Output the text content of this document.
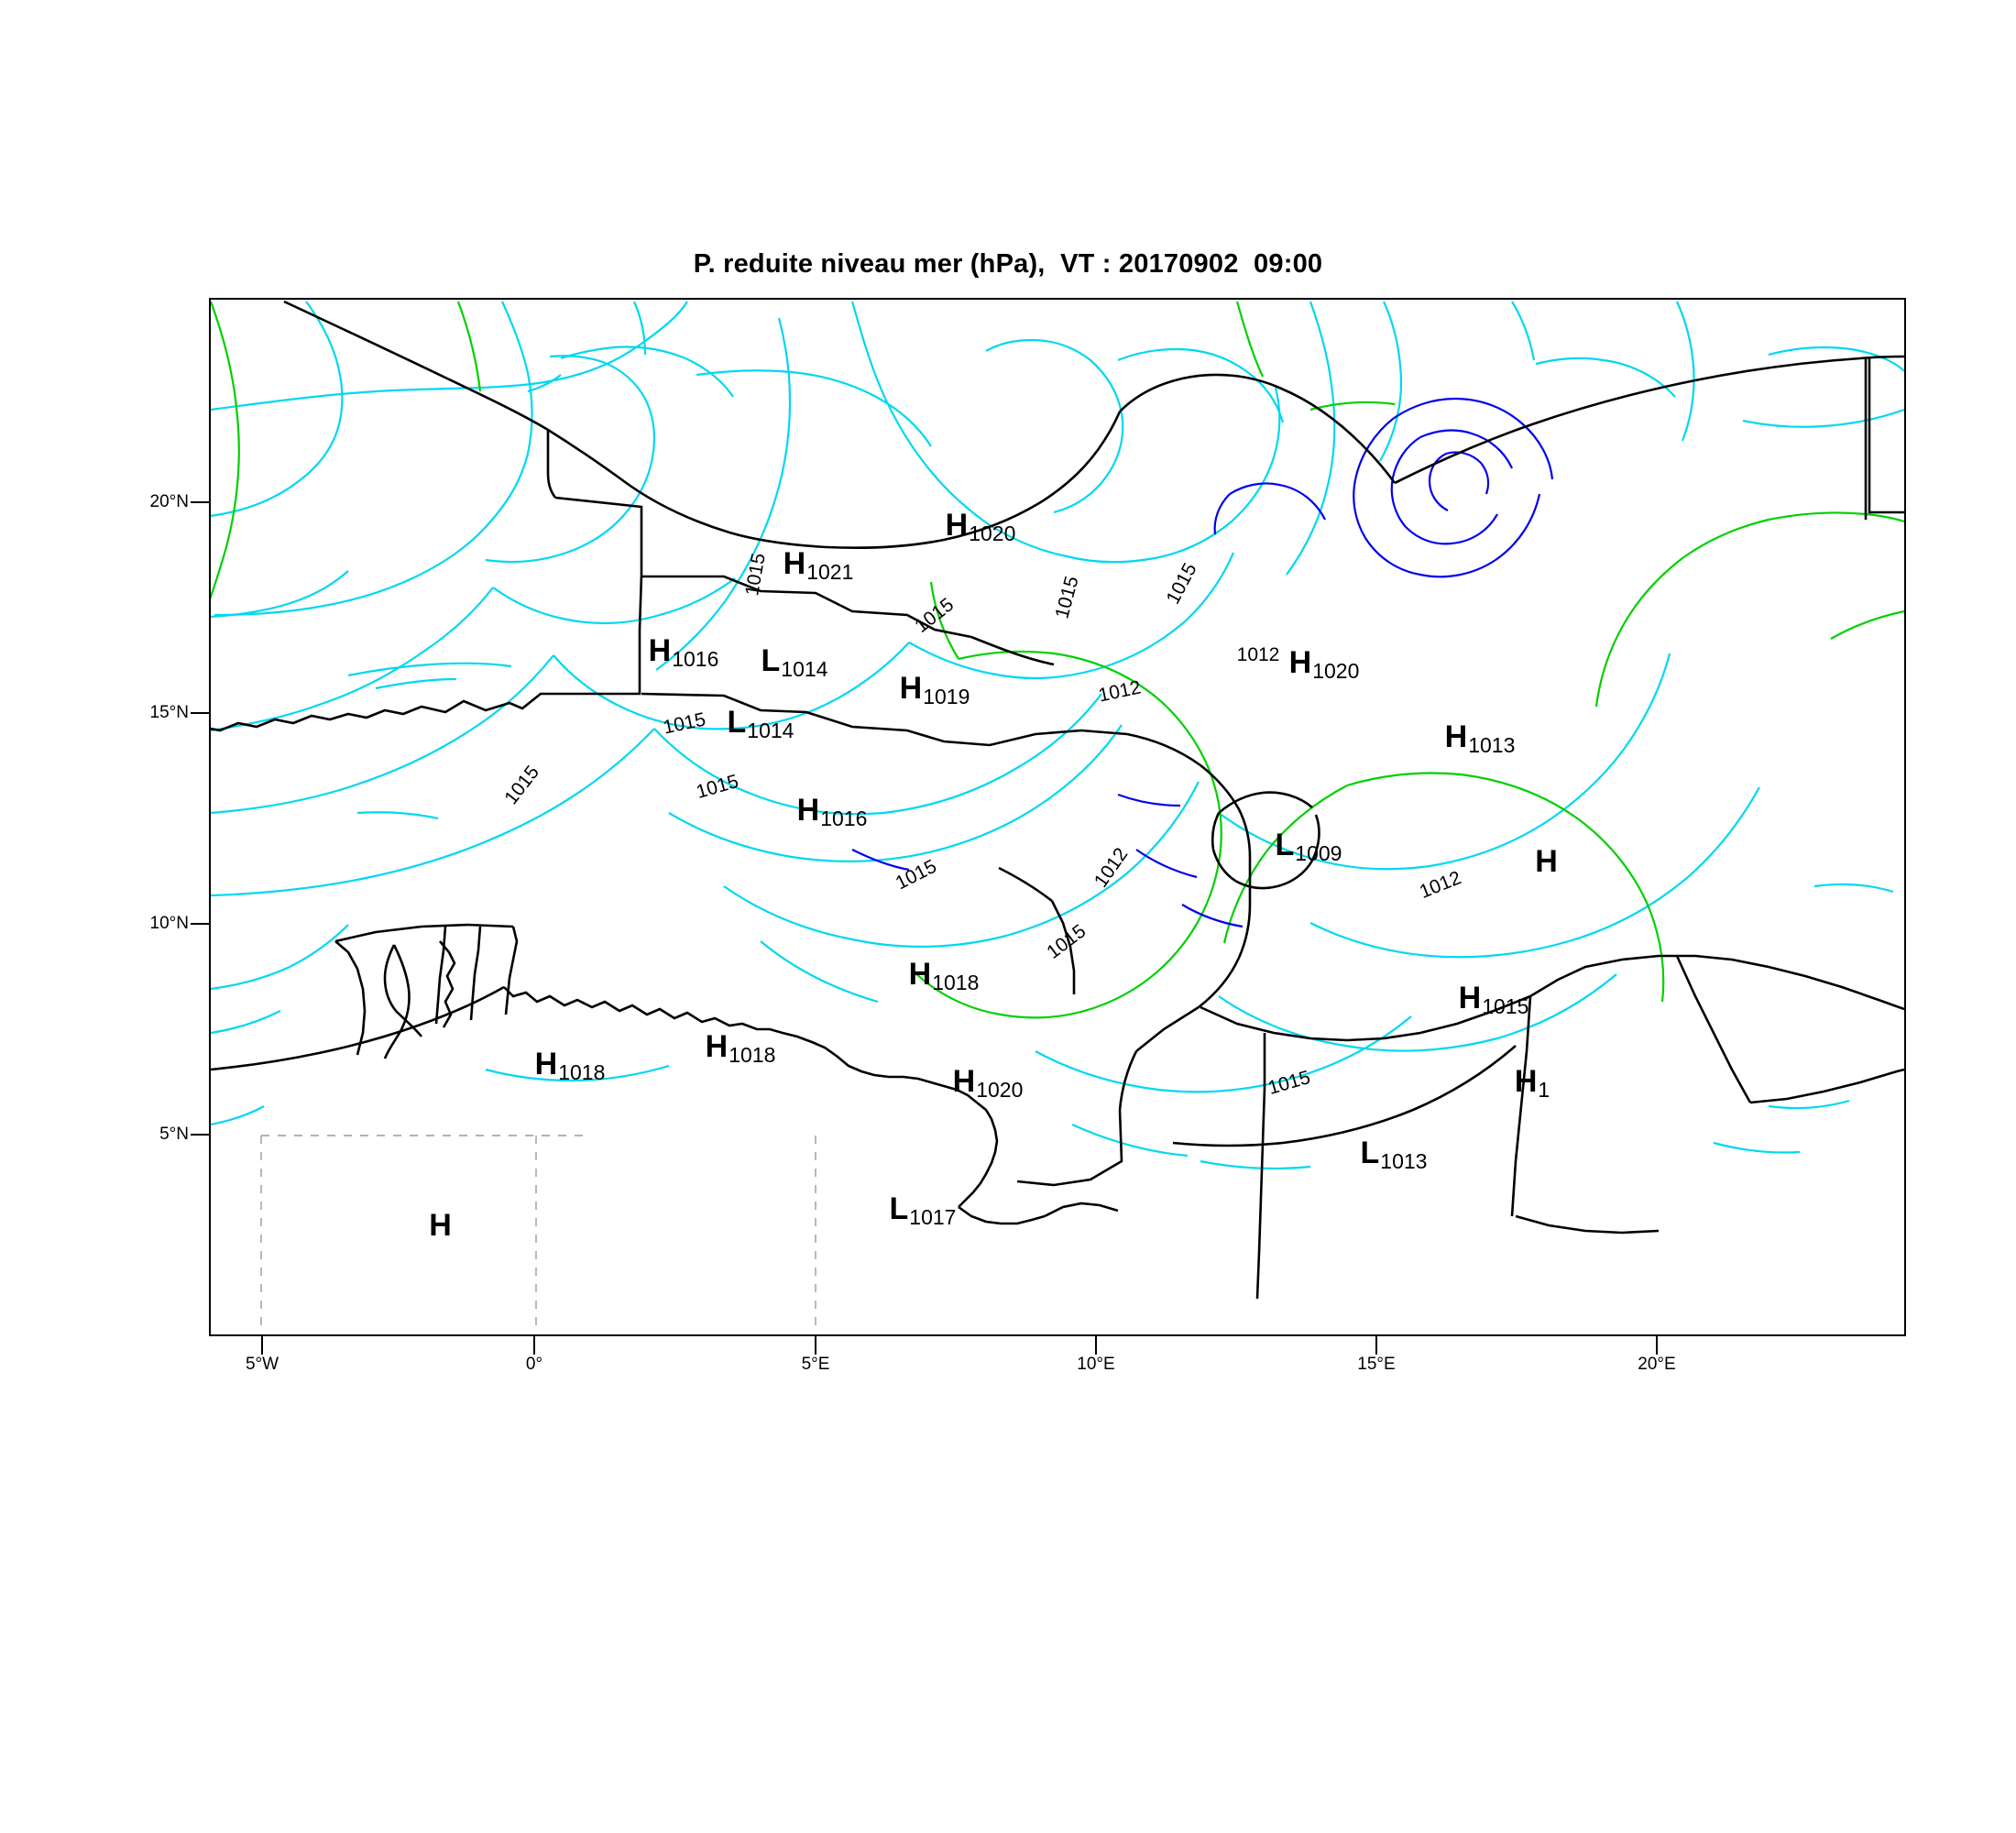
P. reduite niveau mer (hPa),  VT : 20170902  09:00
20°N
15°N
10°N
5°N
5°W	0°	5°E	10°E	15°E	20°E
1015
1015	1015	1015
1012
1012
1015
1015	1015
1015	1012	1012
1015
1015
H1020
H1021
H1016 L1014
H1019
H1020
L1014	H1013
H1016
L1009	H
H1018	H1015
H1018
H1018	H1020	H1
L1013
L1017
H
